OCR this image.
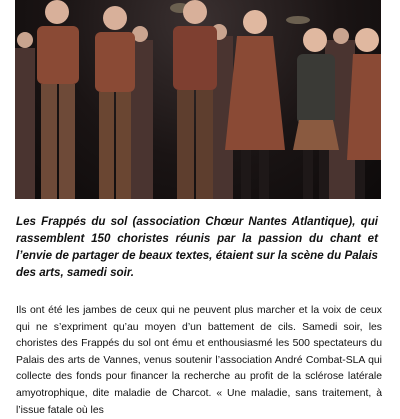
Les Frappés du sol (association Chœur Nantes Atlantique), qui rassemblent 150 choristes réunis par la passion du chant et l’envie de partager de beaux textes, étaient sur la scène du Palais des arts, samedi soir.

Ils ont été les jambes de ceux qui ne peuvent plus marcher et la voix de ceux qui ne s’expriment qu’au moyen d’un battement de cils. Samedi soir, les choristes des Frappés du sol ont ému et enthousiasmé les 500 spectateurs du Palais des arts de Vannes, venus soutenir l’association André Combat-SLA qui collecte des fonds pour financer la recherche au profit de la sclérose latérale amyotrophique, dite maladie de Charcot. « Une maladie, sans traitement, à l’issue fatale où les
